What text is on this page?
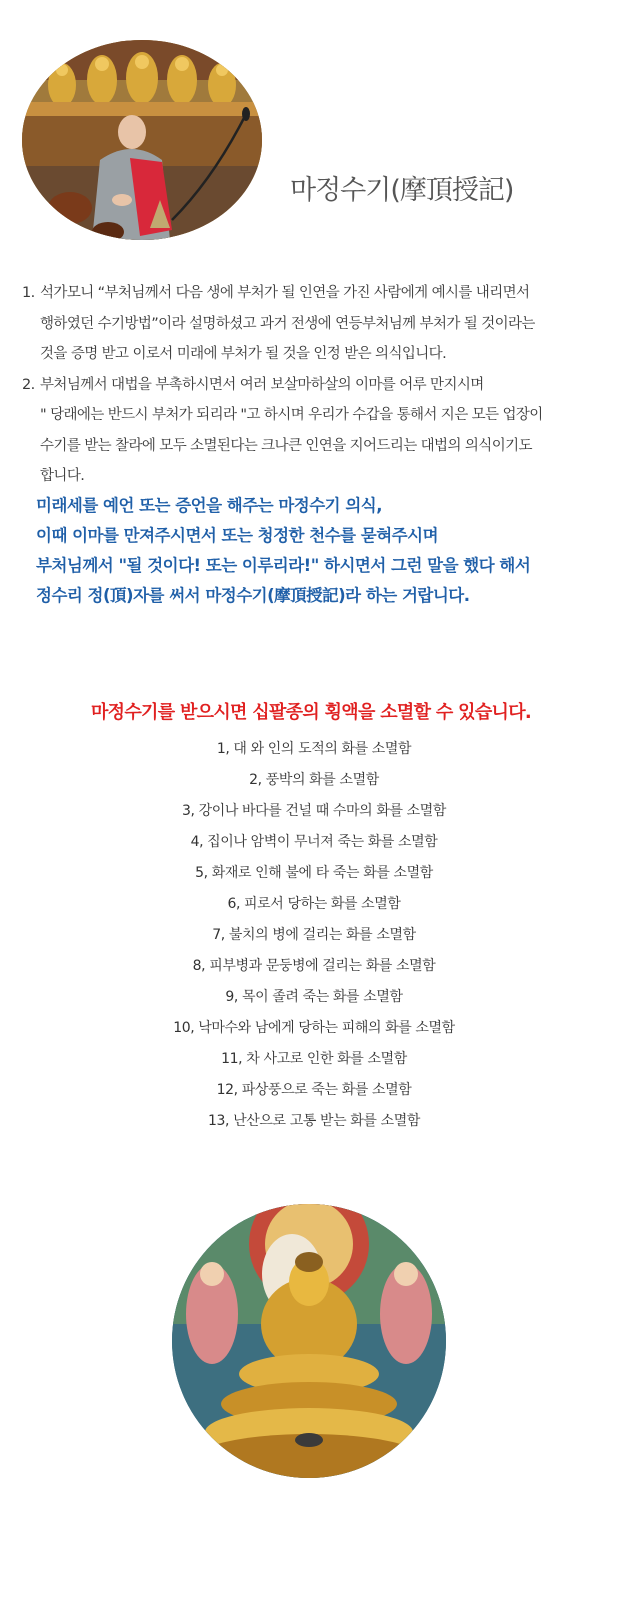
마정수기(摩頂授記)
1. 석가모니 “부처님께서 다음 생에 부처가 될 인연을 가진 사람에게 예시를 내리면서
행하였던 수기방법”이라 설명하셨고 과거 전생에 연등부처님께 부처가 될 것이라는
것을 증명 받고 이로서 미래에 부처가 될 것을 인정 받은 의식입니다.
2. 부처님께서 대법을 부촉하시면서 여러 보살마하살의 이마를 어루 만지시며
" 당래에는 반드시 부처가 되리라 "고 하시며 우리가 수갑을 통해서 지은 모든 업장이
수기를 받는 찰라에 모두 소멸된다는 크나큰 인연을 지어드리는 대법의 의식이기도
합니다.
미래세를 예언 또는 증언을 해주는 마정수기 의식,
이때 이마를 만져주시면서 또는 청정한 천수를 묻혀주시며
부처님께서 "될 것이다! 또는 이루리라!" 하시면서 그런 말을 했다 해서
정수리 정(頂)자를 써서 마정수기(摩頂授記)라 하는 거랍니다.
마정수기를 받으시면 십팔종의 횡액을 소멸할 수 있습니다.
1, 대 와 인의 도적의 화를 소멸함
2, 풍박의 화를 소멸함
3, 강이나 바다를 건널 때 수마의 화를 소멸함
4, 집이나 암벽이 무너져 죽는 화를 소멸함
5, 화재로 인해 불에 타 죽는 화를 소멸함
6, 피로서 당하는 화를 소멸함
7, 불치의 병에 걸리는 화를 소멸함
8, 피부병과 문둥병에 걸리는 화를 소멸함
9, 목이 졸려 죽는 화를 소멸함
10, 낙마수와 남에게 당하는 피해의 화를 소멸함
11, 차 사고로 인한 화를 소멸함
12, 파상풍으로 죽는 화를 소멸함
13, 난산으로 고통 받는 화를 소멸함
